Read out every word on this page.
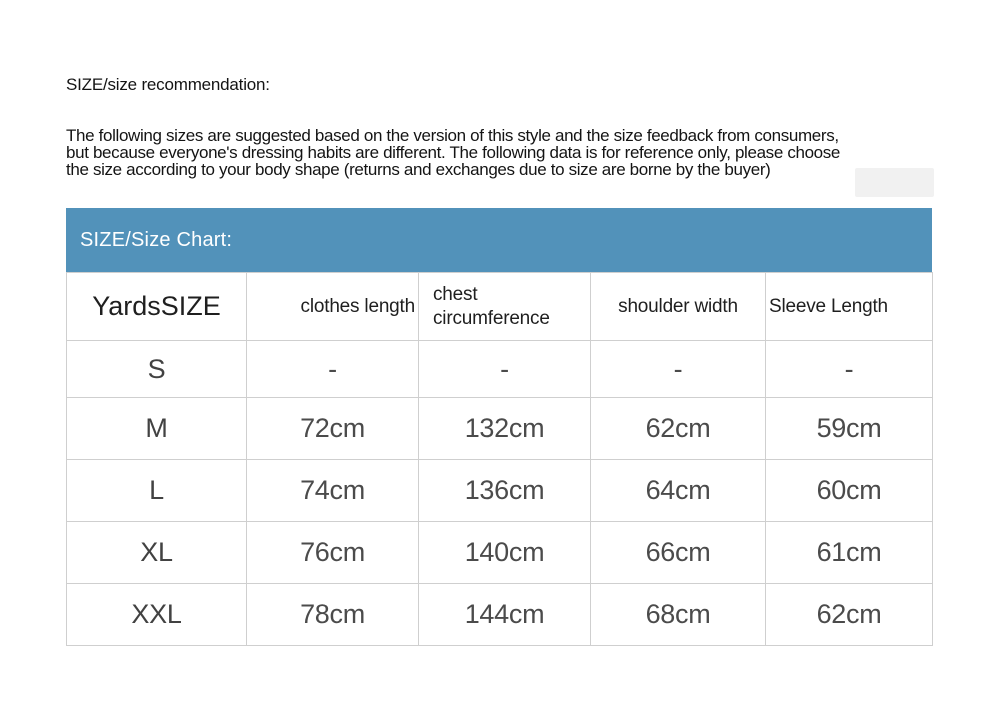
SIZE/size recommendation:
The following sizes are suggested based on the version of this style and the size feedback from consumers,
but because everyone's dressing habits are different. The following data is for reference only, please choose
the size according to your body shape (returns and exchanges due to size are borne by the buyer)
SIZE/Size Chart:
YardsSIZE	clothes length	chest circumference	shoulder width	Sleeve Length
S	-	-	-	-
M	72cm	132cm	62cm	59cm
L	74cm	136cm	64cm	60cm
XL	76cm	140cm	66cm	61cm
XXL	78cm	144cm	68cm	62cm
